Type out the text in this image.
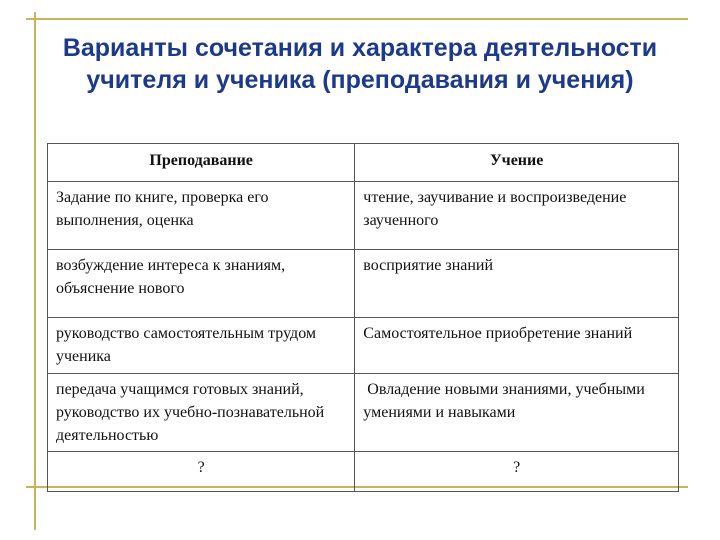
Варианты сочетания и характера деятельности
учителя и ученика (преподавания и учения)
Преподавание	Учение
Задание по книге, проверка его выполнения, оценка	чтение, заучивание и воспроизведение заученного
возбуждение интереса к знаниям, объяснение нового	восприятие знаний
руководство самостоятельным трудом ученика	Самостоятельное приобретение знаний
передача учащимся готовых знаний, руководство их учебно-познавательной деятельностью	Овладение новыми знаниями, учебными умениями и навыками
?	?
